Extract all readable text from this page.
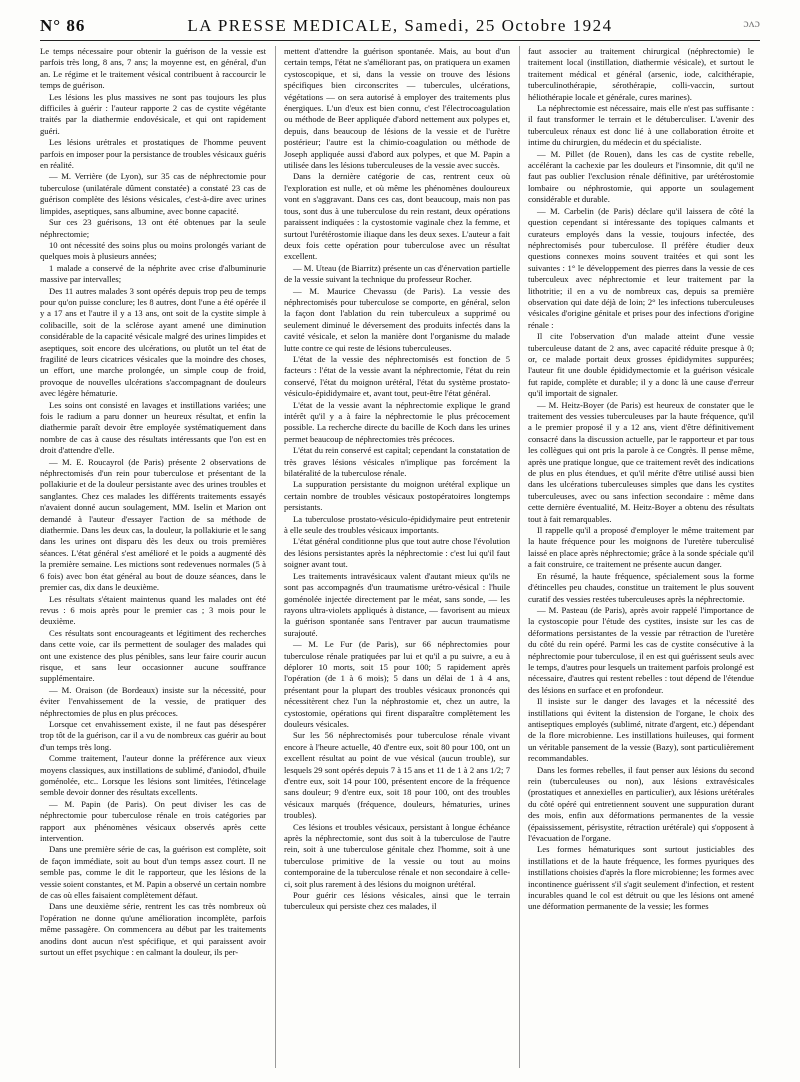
N° 86	LA PRESSE MEDICALE, Samedi, 25 Octobre 1924	ɔʌɔ

Le temps nécessaire pour obtenir la guérison de la vessie est parfois très long, 8 ans, 7 ans; la moyenne est, en général, d'un an. Le régime et le traitement vésical contribuent à raccourcir le temps de guérison.

Les lésions les plus massives ne sont pas toujours les plus difficiles à guérir : l'auteur rapporte 2 cas de cystite végétante traités par la diathermie endovésicale, et qui ont rapidement guéri.

Les lésions urétrales et prostatiques de l'homme peuvent parfois en imposer pour la persistance de troubles vésicaux guéris en réalité.

— M. Verrière (de Lyon), sur 35 cas de néphrectomie pour tuberculose (unilatérale dûment constatée) a constaté 23 cas de guérison complète des lésions vésicales, c'est-à-dire avec urines limpides, aseptiques, sans albumine, avec bonne capacité.

Sur ces 23 guérisons, 13 ont été obtenues par la seule néphrectomie;

10 ont nécessité des soins plus ou moins prolongés variant de quelques mois à plusieurs années;

1 malade a conservé de la néphrite avec crise d'albuminurie massive par intervalles;

Des 11 autres malades 3 sont opérés depuis trop peu de temps pour qu'on puisse conclure; les 8 autres, dont l'une a été opérée il y a 17 ans et l'autre il y a 13 ans, ont soit de la cystite simple à colibacille, soit de la sclérose ayant amené une diminution considérable de la capacité vésicale malgré des urines limpides et aseptiques, soit encore des ulcérations, ou plutôt un tel état de fragilité de leurs cicatrices vésicales que la moindre des choses, un effort, une marche prolongée, un simple coup de froid, provoque de nouvelles ulcérations s'accompagnant de douleurs avec légère hématurie.

Les soins ont consisté en lavages et instillations variées; une fois le radium a paru donner un heureux résultat, et enfin la diathermie paraît devoir être employée systématiquement dans nombre de cas à cause des résultats intéressants que l'on est en droit d'attendre d'elle.

— M. E. Roucayrol (de Paris) présente 2 observations de néphrectomisés d'un rein pour tuberculose et présentant de la pollakiurie et de la douleur persistante avec des urines troubles et sanglantes. Chez ces malades les différents traitements essayés n'avaient donné aucun soulagement, MM. Iselin et Marion ont demandé à l'auteur d'essayer l'action de sa méthode de diathermie. Dans les deux cas, la douleur, la pollakiurie et le sang dans les urines ont disparu dès les deux ou trois premières séances. L'état général s'est amélioré et le poids a augmenté dès la première semaine. Les mictions sont redevenues normales (5 à 6 fois) avec bon état général au bout de douze séances, dans le premier cas, dix dans le deuxième.

Les résultats s'étaient maintenus quand les malades ont été revus : 6 mois après pour le premier cas ; 3 mois pour le deuxième.

Ces résultats sont encourageants et légitiment des recherches dans cette voie, car ils permettent de soulager des malades qui ont une existence des plus pénibles, sans leur faire courir aucun risque, et sans leur occasionner aucune souffrance supplémentaire.

— M. Oraison (de Bordeaux) insiste sur la nécessité, pour éviter l'envahissement de la vessie, de pratiquer des néphrectomies de plus en plus précoces.

Lorsque cet envahissement existe, il ne faut pas désespérer trop tôt de la guérison, car il a vu de nombreux cas guérir au bout d'un temps très long.

Comme traitement, l'auteur donne la préférence aux vieux moyens classiques, aux instillations de sublimé, d'aniodol, d'huile goménolée, etc.. Lorsque les lésions sont limitées, l'étincelage semble devoir donner des résultats excellents.

— M. Papin (de Paris). On peut diviser les cas de néphrectomie pour tuberculose rénale en trois catégories par rapport aux phénomènes vésicaux observés après cette intervention.

Dans une première série de cas, la guérison est complète, soit de façon immédiate, soit au bout d'un temps assez court. Il ne semble pas, comme le dit le rapporteur, que les lésions de la vessie soient constantes, et M. Papin a observé un certain nombre de cas où elles faisaient complètement défaut.

Dans une deuxième série, rentrent les cas très nombreux où l'opération ne donne qu'une amélioration incomplète, parfois même passagère. On commencera au début par les traitements anodins dont aucun n'est spécifique, et qui paraissent avoir surtout un effet psychique : en calmant la douleur, ils per-

mettent d'attendre la guérison spontanée. Mais, au bout d'un certain temps, l'état ne s'améliorant pas, on pratiquera un examen cystoscopique, et si, dans la vessie on trouve des lésions spécifiques bien circonscrites — tubercules, ulcérations, végétations — on sera autorisé à employer des traitements plus énergiques. L'un d'eux est bien connu, c'est l'électrocoagulation ou méthode de Beer appliquée d'abord nettement aux polypes et, depuis, dans beaucoup de lésions de la vessie et de l'urètre postérieur; l'autre est la chimio-coagulation ou méthode de Joseph appliquée aussi d'abord aux polypes, et que M. Papin a utilisée dans les lésions tuberculeuses de la vessie avec succès.

Dans la dernière catégorie de cas, rentrent ceux où l'exploration est nulle, et où même les phénomènes douloureux vont en s'aggravant. Dans ces cas, dont beaucoup, mais non pas tous, sont dus à une tuberculose du rein restant, deux opérations paraissent indiquées : la cystostomie vaginale chez la femme, et surtout l'urétérostomie iliaque dans les deux sexes. L'auteur a fait deux fois cette opération pour tuberculose avec un résultat excellent.

— M. Uteau (de Biarritz) présente un cas d'énervation partielle de la vessie suivant la technique du professeur Rocher.

— M. Maurice Chevassu (de Paris). La vessie des néphrectomisés pour tuberculose se comporte, en général, selon la façon dont l'ablation du rein tuberculeux a supprimé ou seulement diminué le déversement des produits infectés dans la cavité vésicale, et selon la manière dont l'organisme du malade lutte contre ce qui reste de lésions tuberculeuses.

L'état de la vessie des néphrectomisés est fonction de 5 facteurs : l'état de la vessie avant la néphrectomie, l'état du rein conservé, l'état du moignon urétéral, l'état du système prostato-vésiculo-épididymaire et, avant tout, peut-être l'état général.

L'état de la vessie avant la néphrectomie explique le grand intérêt qu'il y a à faire la néphrectomie le plus précocement possible. La recherche directe du bacille de Koch dans les urines permet beaucoup de néphrectomies très précoces.

L'état du rein conservé est capital; cependant la constatation de très graves lésions vésicales n'implique pas forcément la bilatéralité de la tuberculose rénale.

La suppuration persistante du moignon urétéral explique un certain nombre de troubles vésicaux postopératoires longtemps persistants.

La tuberculose prostato-vésiculo-épididymaire peut entretenir à elle seule des troubles vésicaux importants.

L'état général conditionne plus que tout autre chose l'évolution des lésions persistantes après la néphrectomie : c'est lui qu'il faut soigner avant tout.

Les traitements intravésicaux valent d'autant mieux qu'ils ne sont pas accompagnés d'un traumatisme urétro-vésical : l'huile goménolée injectée directement par le méat, sans sonde, — les rayons ultra-violets appliqués à distance, — favorisent au mieux la guérison spontanée sans l'entraver par aucun traumatisme surajouté.

— M. Le Fur (de Paris), sur 66 néphrectomies pour tuberculose rénale pratiquées par lui et qu'il a pu suivre, a eu à déplorer 10 morts, soit 15 pour 100; 5 rapidement après l'opération (de 1 à 6 mois); 5 dans un délai de 1 à 4 ans, présentant pour la plupart des troubles vésicaux prononcés qui nécessitèrent chez l'un la néphrostomie et, chez un autre, la cystostomie, opérations qui firent disparaître complètement les douleurs vésicales.

Sur les 56 néphrectomisés pour tuberculose rénale vivant encore à l'heure actuelle, 40 d'entre eux, soit 80 pour 100, ont un excellent résultat au point de vue vésical (aucun trouble), sur lesquels 29 sont opérés depuis 7 à 15 ans et 11 de 1 à 2 ans 1/2; 7 d'entre eux, soit 14 pour 100, présentent encore de la fréquence sans douleur; 9 d'entre eux, soit 18 pour 100, ont des troubles vésicaux marqués (fréquence, douleurs, hématuries, urines troubles).

Ces lésions et troubles vésicaux, persistant à longue échéance après la néphrectomie, sont dus soit à la tuberculose de l'autre rein, soit à une tuberculose génitale chez l'homme, soit à une tuberculose primitive de la vessie ou tout au moins contemporaine de la tuberculose rénale et non secondaire à celle-ci, soit plus rarement à des lésions du moignon urétéral.

Pour guérir ces lésions vésicales, ainsi que le terrain tuberculeux qui persiste chez ces malades, il

faut associer au traitement chirurgical (néphrectomie) le traitement local (instillation, diathermie vésicale), et surtout le traitement médical et général (arsenic, iode, calcithérapie, tuberculinothérapie, sérothérapie, colli-vaccin, surtout héliothérapie locale et générale, cures marines).

La néphrectomie est nécessaire, mais elle n'est pas suffisante : il faut transformer le terrain et le détuberculiser. L'avenir des tuberculeux rénaux est donc lié à une collaboration étroite et intime du chirurgien, du médecin et du spécialiste.

— M. Pillet (de Rouen), dans les cas de cystite rebelle, accélérant la cachexie par les douleurs et l'insomnie, dit qu'il ne faut pas oublier l'exclusion rénale définitive, par urétérostomie lombaire ou néphrostomie, qui apporte un soulagement considérable et durable.

— M. Carbelin (de Paris) déclare qu'il laissera de côté la question cependant si intéressante des topiques calmants et curateurs employés dans la vessie, toujours infectée, des néphrectomisés pour tuberculose. Il préfère étudier deux questions connexes moins souvent traitées et qui sont les suivantes : 1° le développement des pierres dans la vessie de ces tuberculeux avec néphrectomie et leur traitement par la lithotritie; il en a vu de nombreux cas, depuis sa première observation qui date déjà de loin; 2° les infections tuberculeuses vésicales d'origine génitale et prises pour des infections d'origine rénale :

Il cite l'observation d'un malade atteint d'une vessie tuberculeuse datant de 2 ans, avec capacité réduite presque à 0; or, ce malade portait deux grosses épididymites suppurées; l'auteur fit une double épididymectomie et la guérison vésicale fut rapide, complète et durable; il y a donc là une cause d'erreur qu'il importait de signaler.

— M. Heitz-Boyer (de Paris) est heureux de constater que le traitement des vessies tuberculeuses par la haute fréquence, qu'il a le premier proposé il y a 12 ans, vient d'être définitivement consacré dans la discussion actuelle, par le rapporteur et par tous les collègues qui ont pris la parole à ce Congrès. Il pense même, après une pratique longue, que ce traitement revêt des indications de plus en plus étendues, et qu'il mérite d'être utilisé aussi bien dans les ulcérations tuberculeuses simples que dans les cystites tuberculeuses, avec ou sans infection secondaire : même dans cette dernière éventualité, M. Heitz-Boyer a obtenu des résultats tout à fait remarquables.

Il rappelle qu'il a proposé d'employer le même traitement par la haute fréquence pour les moignons de l'uretère tuberculisé laissé en place après néphrectomie; grâce à la sonde spéciale qu'il a fait construire, ce traitement ne présente aucun danger.

En résumé, la haute fréquence, spécialement sous la forme d'étincelles peu chaudes, constitue un traitement le plus souvent curatif des vessies restées tuberculeuses après la néphrectomie.

— M. Pasteau (de Paris), après avoir rappelé l'importance de la cystoscopie pour l'étude des cystites, insiste sur les cas de déformations persistantes de la vessie par rétraction de l'uretère du côté du rein opéré. Parmi les cas de cystite consécutive à la néphrectomie pour tuberculose, il en est qui guérissent seuls avec le temps, d'autres pour lesquels un traitement parfois prolongé est nécessaire, d'autres qui restent rebelles : tout dépend de l'étendue des lésions en surface et en profondeur.

Il insiste sur le danger des lavages et la nécessité des instillations qui évitent la distension de l'organe, le choix des antiseptiques employés (sublimé, nitrate d'argent, etc.) dépendant de la flore microbienne. Les instillations huileuses, qui forment un véritable pansement de la vessie (Bazy), sont particulièrement recommandables.

Dans les formes rebelles, il faut penser aux lésions du second rein (tuberculeuses ou non), aux lésions extravésicales (prostatiques et annexielles en particulier), aux lésions urétérales du côté opéré qui entretiennent souvent une suppuration durant des mois, enfin aux déformations permanentes de la vessie (épaississement, périsystite, rétraction urétérale) qui s'opposent à l'évacuation de l'organe.

Les formes hématuriques sont surtout justiciables des instillations et de la haute fréquence, les formes pyuriques des instillations choisies d'après la flore microbienne; les formes avec incontinence guérissent s'il s'agit seulement d'infection, et restent incurables quand le col est détruit ou que les lésions ont amené une déformation permanente de la vessie; les formes
